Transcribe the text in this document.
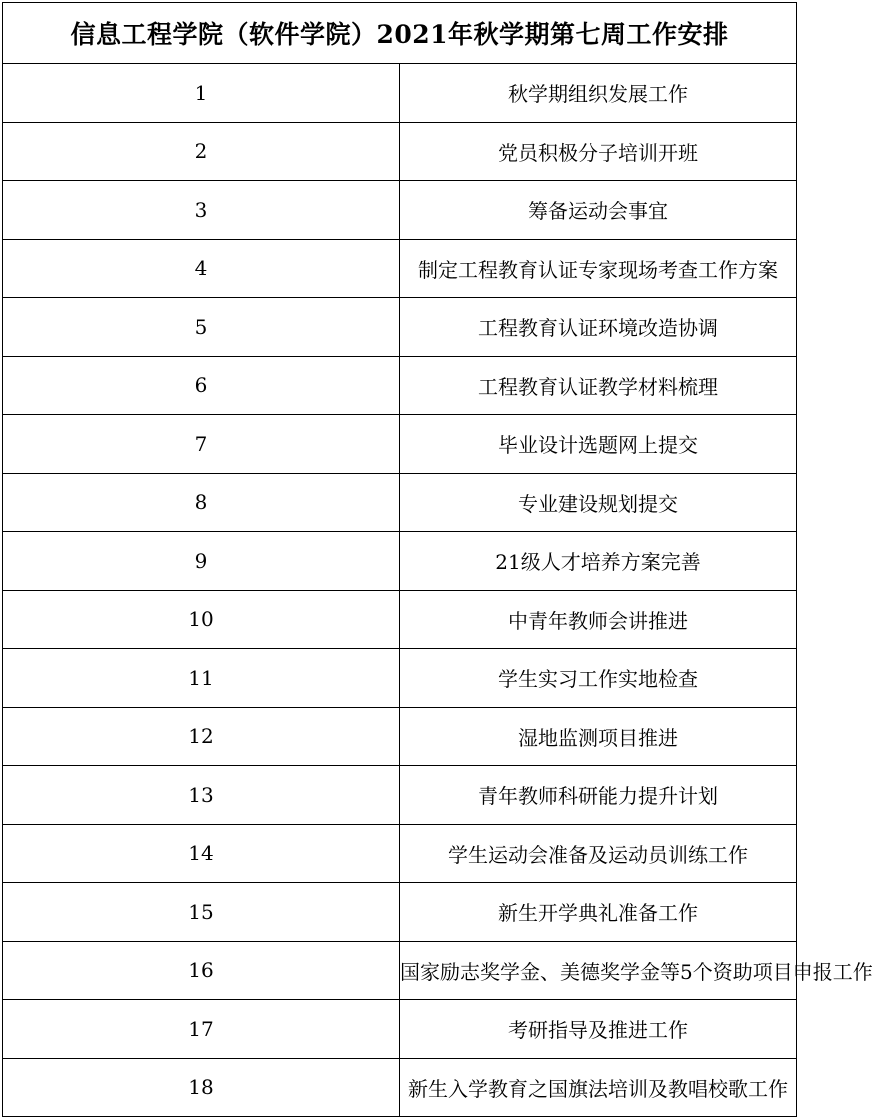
信息工程学院（软件学院）2021年秋学期第七周工作安排	
1	秋学期组织发展工作
2	党员积极分子培训开班
3	筹备运动会事宜
4	制定工程教育认证专家现场考查工作方案
5	工程教育认证环境改造协调
6	工程教育认证教学材料梳理
7	毕业设计选题网上提交
8	专业建设规划提交
9	21级人才培养方案完善
10	中青年教师会讲推进
11	学生实习工作实地检查
12	湿地监测项目推进
13	青年教师科研能力提升计划
14	学生运动会准备及运动员训练工作
15	新生开学典礼准备工作
16	国家励志奖学金、美德奖学金等5个资助项目申报工作
17	考研指导及推进工作
18	新生入学教育之国旗法培训及教唱校歌工作
